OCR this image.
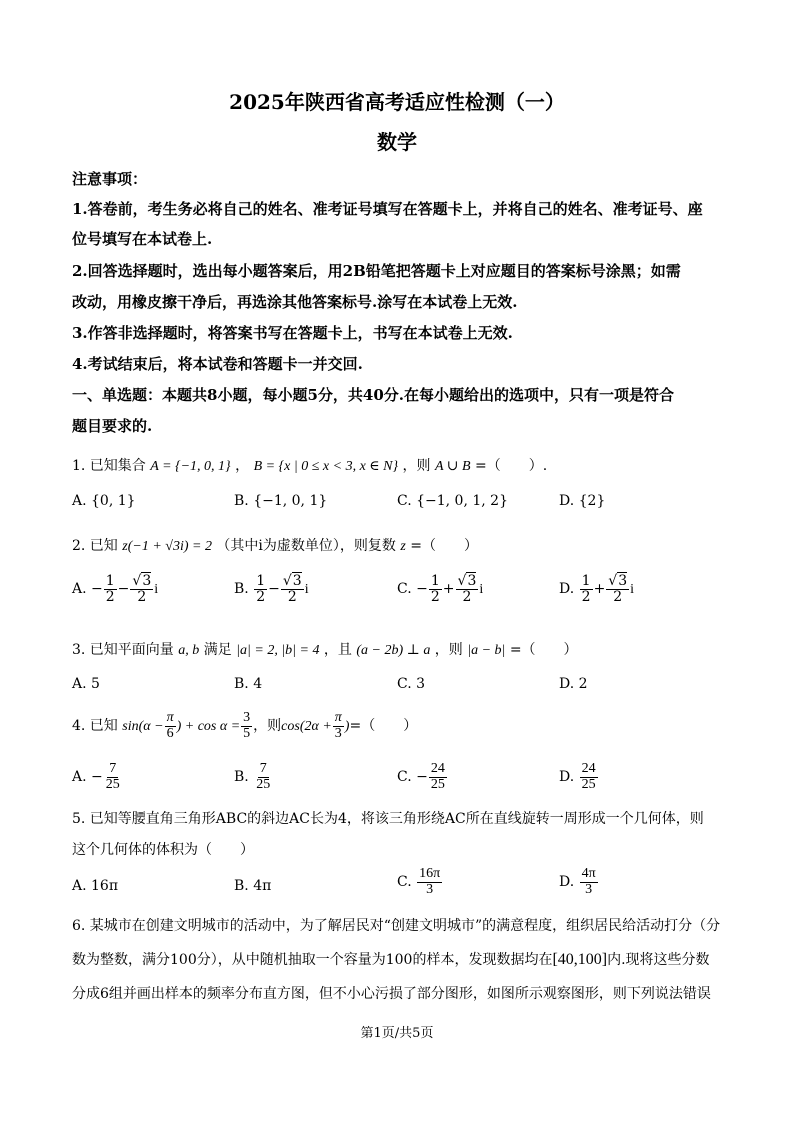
2025年陕西省高考适应性检测（一）
数学
注意事项：
1.答卷前，考生务必将自己的姓名、准考证号填写在答题卡上，并将自己的姓名、准考证号、座
位号填写在本试卷上.
2.回答选择题时，选出每小题答案后，用2B铅笔把答题卡上对应题目的答案标号涂黑；如需
改动，用橡皮擦干净后，再选涂其他答案标号.涂写在本试卷上无效.
3.作答非选择题时，将答案书写在答题卡上，书写在本试卷上无效.
4.考试结束后，将本试卷和答题卡一并交回.
一、单选题：本题共8小题，每小题5分，共40分.在每小题给出的选项中，只有一项是符合
题目要求的.
1. 已知集合 A = {−1, 0, 1} ， B = {x | 0 ≤ x < 3, x ∈ N} ，则 A ∪ B =（　　）.
A. {0, 1}	B. {−1, 0, 1}	C. {−1, 0, 1, 2}	D. {2}
2. 已知 z(−1 + √3i) = 2 （其中i为虚数单位），则复数 z =（　　）
A. − $\frac{1}{2} - \frac{√3}{2}$ i	B. $\frac{1}{2} - \frac{√3}{2}$ i	C. − $\frac{1}{2} + \frac{√3}{2}$ i	D. $\frac{1}{2} + \frac{√3}{2}$ i
3. 已知平面向量 a, b 满足 |a| = 2, |b| = 4 ，且 (a − 2b) ⊥ a ，则 |a − b| =（　　）
A. 5	B. 4	C. 3	D. 2
4. 已知 $\sin(\alpha - \frac{\pi}{6}$ ) + $\cos \alpha = \frac{3}{5}$ ，则$\cos(2\alpha + \frac{\pi}{3}$ )=（　　）
A. − $\frac{7}{25}$	B. $\frac{7}{25}$	C. − $\frac{24}{25}$	D. $\frac{24}{25}$
5. 已知等腰直角三角形ABC的斜边AC长为4，将该三角形绕AC所在直线旋转一周形成一个几何体，则
这个几何体的体积为（　　）
A. 16π	B. 4π	C. $\frac{16\pi}{3}$	D. $\frac{4\pi}{3}$
6. 某城市在创建文明城市的活动中，为了解居民对“创建文明城市”的满意程度，组织居民给活动打分（分
数为整数，满分100分），从中随机抽取一个容量为100的样本，发现数据均在[40,100]内.现将这些分数
分成6组并画出样本的频率分布直方图，但不小心污损了部分图形，如图所示观察图形，则下列说法错误
第1页/共5页
